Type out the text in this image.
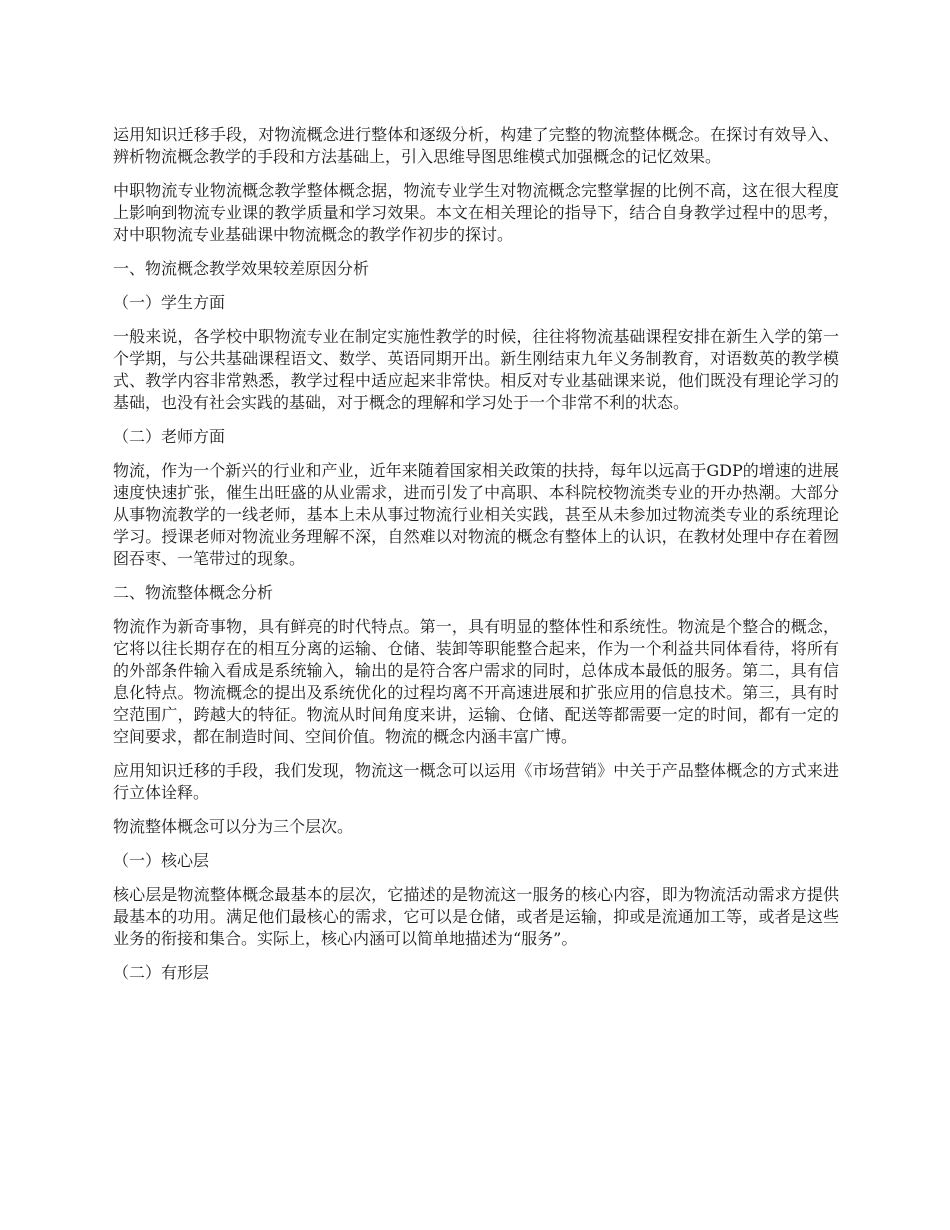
运用知识迁移手段，对物流概念进行整体和逐级分析，构建了完整的物流整体概念。在探讨有效导入、辨析物流概念教学的手段和方法基础上，引入思维导图思维模式加强概念的记忆效果。

中职物流专业物流概念教学整体概念据，物流专业学生对物流概念完整掌握的比例不高，这在很大程度上影响到物流专业课的教学质量和学习效果。本文在相关理论的指导下，结合自身教学过程中的思考，对中职物流专业基础课中物流概念的教学作初步的探讨。

一、物流概念教学效果较差原因分析

（一）学生方面

一般来说，各学校中职物流专业在制定实施性教学的时候，往往将物流基础课程安排在新生入学的第一个学期，与公共基础课程语文、数学、英语同期开出。新生刚结束九年义务制教育，对语数英的教学模式、教学内容非常熟悉，教学过程中适应起来非常快。相反对专业基础课来说，他们既没有理论学习的基础，也没有社会实践的基础，对于概念的理解和学习处于一个非常不利的状态。

（二）老师方面

物流，作为一个新兴的行业和产业，近年来随着国家相关政策的扶持，每年以远高于GDP的增速的进展速度快速扩张，催生出旺盛的从业需求，进而引发了中高职、本科院校物流类专业的开办热潮。大部分从事物流教学的一线老师，基本上未从事过物流行业相关实践，甚至从未参加过物流类专业的系统理论学习。授课老师对物流业务理解不深，自然难以对物流的概念有整体上的认识，在教材处理中存在着囫囵吞枣、一笔带过的现象。

二、物流整体概念分析

物流作为新奇事物，具有鲜亮的时代特点。第一，具有明显的整体性和系统性。物流是个整合的概念，它将以往长期存在的相互分离的运输、仓储、装卸等职能整合起来，作为一个利益共同体看待，将所有的外部条件输入看成是系统输入，输出的是符合客户需求的同时，总体成本最低的服务。第二，具有信息化特点。物流概念的提出及系统优化的过程均离不开高速进展和扩张应用的信息技术。第三，具有时空范围广，跨越大的特征。物流从时间角度来讲，运输、仓储、配送等都需要一定的时间，都有一定的空间要求，都在制造时间、空间价值。物流的概念内涵丰富广博。

应用知识迁移的手段，我们发现，物流这一概念可以运用《市场营销》中关于产品整体概念的方式来进行立体诠释。

物流整体概念可以分为三个层次。

（一）核心层

核心层是物流整体概念最基本的层次，它描述的是物流这一服务的核心内容，即为物流活动需求方提供最基本的功用。满足他们最核心的需求，它可以是仓储，或者是运输，抑或是流通加工等，或者是这些业务的衔接和集合。实际上，核心内涵可以简单地描述为“服务”。

（二）有形层
